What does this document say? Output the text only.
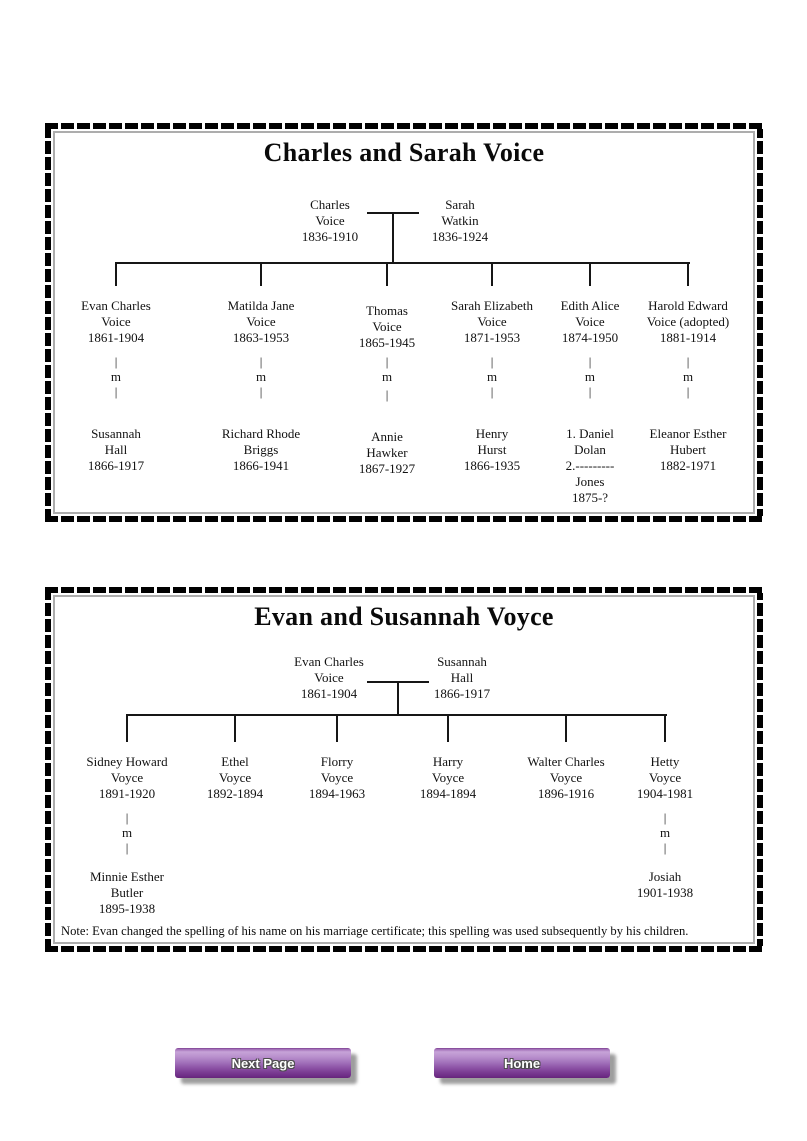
Charles and Sarah Voice
Charles
Voice
1836-1910
Sarah
Watkin
1836-1924
Evan Charles
Voice
1861-1904
|
m
|
Susannah
Hall
1866-1917
Matilda Jane
Voice
1863-1953
|
m
|
Richard Rhode
Briggs
1866-1941
Thomas
Voice
1865-1945
|
m
|
Annie
Hawker
1867-1927
Sarah Elizabeth
Voice
1871-1953
|
m
|
Henry
Hurst
1866-1935
Edith Alice
Voice
1874-1950
|
m
|
1. Daniel
Dolan
2.---------
Jones
1875-?
Harold Edward
Voice (adopted)
1881-1914
|
m
|
Eleanor Esther
Hubert
1882-1971
Evan and Susannah Voyce
Evan Charles
Voice
1861-1904
Susannah
Hall
1866-1917
Note: Evan changed the spelling of his name on his marriage certificate; this spelling was used subsequently by his children.
Sidney Howard
Voyce
1891-1920
|
m
|
Minnie Esther
Butler
1895-1938
Ethel
Voyce
1892-1894
Florry
Voyce
1894-1963
Harry
Voyce
1894-1894
Walter Charles
Voyce
1896-1916
Hetty
Voyce
1904-1981
|
m
|
Josiah
1901-1938
Next Page	Home
